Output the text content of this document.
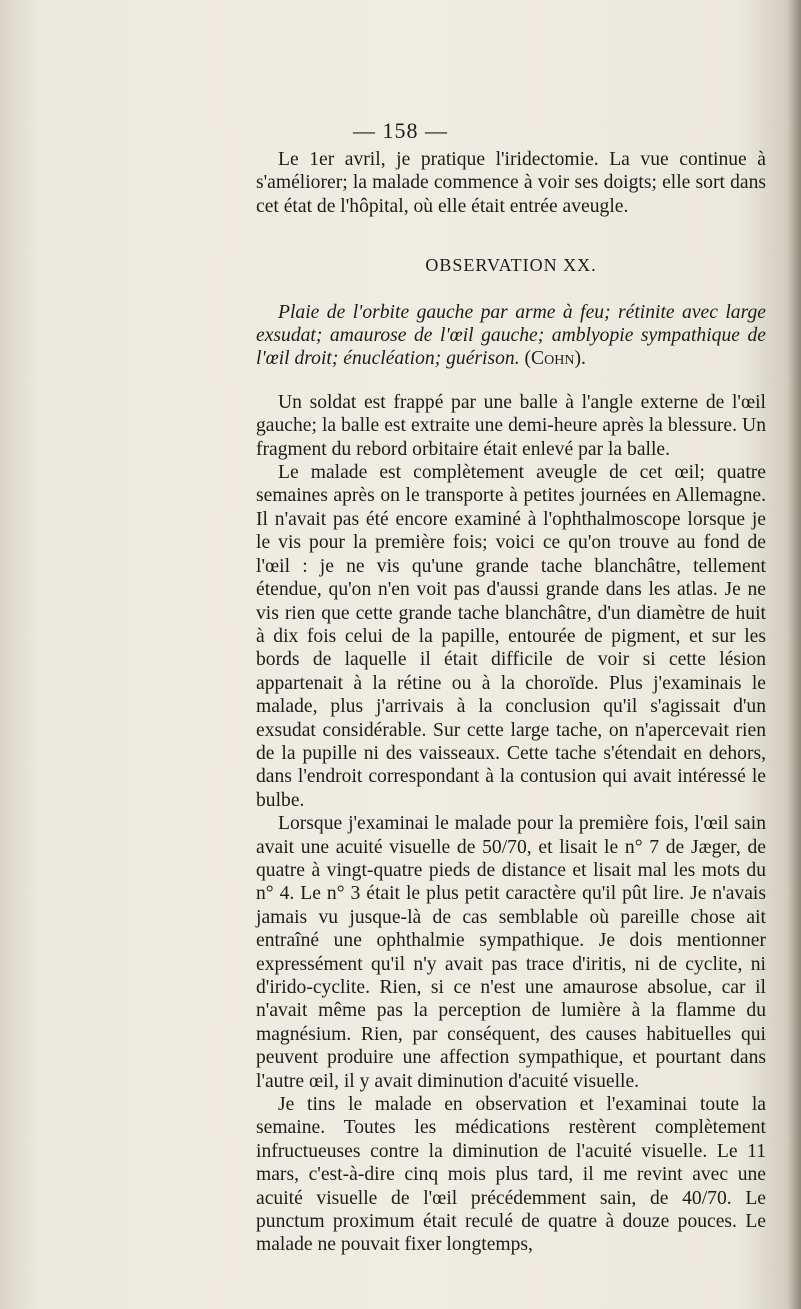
— 158 —

Le 1er avril, je pratique l'iridectomie. La vue continue à s'améliorer; la malade commence à voir ses doigts; elle sort dans cet état de l'hôpital, où elle était entrée aveugle.

OBSERVATION XX.

Plaie de l'orbite gauche par arme à feu; rétinite avec large exsudat; amaurose de l'œil gauche; amblyopie sympathique de l'œil droit; énucléation; guérison. (Cohn).

Un soldat est frappé par une balle à l'angle externe de l'œil gauche; la balle est extraite une demi-heure après la blessure. Un fragment du rebord orbitaire était enlevé par la balle.

Le malade est complètement aveugle de cet œil; quatre semaines après on le transporte à petites journées en Allemagne. Il n'avait pas été encore examiné à l'ophthalmoscope lorsque je le vis pour la première fois; voici ce qu'on trouve au fond de l'œil : je ne vis qu'une grande tache blanchâtre, tellement étendue, qu'on n'en voit pas d'aussi grande dans les atlas. Je ne vis rien que cette grande tache blanchâtre, d'un diamètre de huit à dix fois celui de la papille, entourée de pigment, et sur les bords de laquelle il était difficile de voir si cette lésion appartenait à la rétine ou à la choroïde. Plus j'examinais le malade, plus j'arrivais à la conclusion qu'il s'agissait d'un exsudat considérable. Sur cette large tache, on n'apercevait rien de la pupille ni des vaisseaux. Cette tache s'étendait en dehors, dans l'endroit correspondant à la contusion qui avait intéressé le bulbe.

Lorsque j'examinai le malade pour la première fois, l'œil sain avait une acuité visuelle de 50/70, et lisait le n° 7 de Jæger, de quatre à vingt-quatre pieds de distance et lisait mal les mots du n° 4. Le n° 3 était le plus petit caractère qu'il pût lire. Je n'avais jamais vu jusque-là de cas semblable où pareille chose ait entraîné une ophthalmie sympathique. Je dois mentionner expressément qu'il n'y avait pas trace d'iritis, ni de cyclite, ni d'irido-cyclite. Rien, si ce n'est une amaurose absolue, car il n'avait même pas la perception de lumière à la flamme du magnésium. Rien, par conséquent, des causes habituelles qui peuvent produire une affection sympathique, et pourtant dans l'autre œil, il y avait diminution d'acuité visuelle.

Je tins le malade en observation et l'examinai toute la semaine. Toutes les médications restèrent complètement infructueuses contre la diminution de l'acuité visuelle. Le 11 mars, c'est-à-dire cinq mois plus tard, il me revint avec une acuité visuelle de l'œil précédemment sain, de 40/70. Le punctum proximum était reculé de quatre à douze pouces. Le malade ne pouvait fixer longtemps,
